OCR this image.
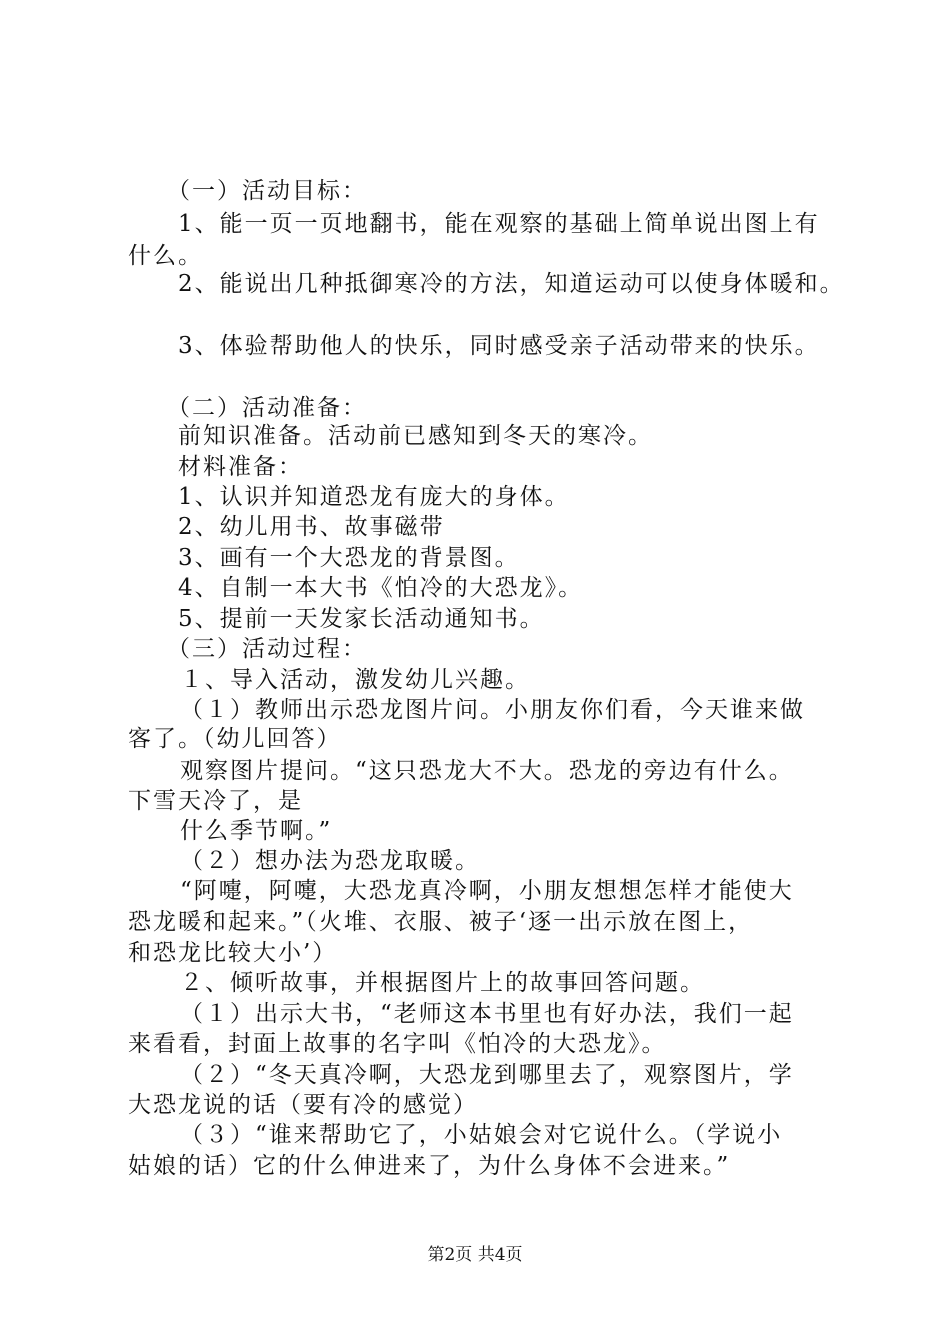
（一）活动目标：
1、能一页一页地翻书，能在观察的基础上简单说出图上有
什么。
2、能说出几种抵御寒冷的方法，知道运动可以使身体暖和。
3、体验帮助他人的快乐，同时感受亲子活动带来的快乐。
（二）活动准备：
前知识准备。活动前已感知到冬天的寒冷。
材料准备：
1、认识并知道恐龙有庞大的身体。
2、幼儿用书、故事磁带
3、画有一个大恐龙的背景图。
4、自制一本大书《怕冷的大恐龙》。
5、提前一天发家长活动通知书。
（三）活动过程：
１、导入活动，激发幼儿兴趣。
（１）教师出示恐龙图片问。小朋友你们看，今天谁来做
客了。（幼儿回答）
观察图片提问。“这只恐龙大不大。恐龙的旁边有什么。
下雪天冷了，是
什么季节啊。”
（２）想办法为恐龙取暖。
“阿嚏，阿嚏，大恐龙真冷啊，小朋友想想怎样才能使大
恐龙暖和起来。”（火堆、衣服、被子‘逐一出示放在图上，
和恐龙比较大小’）
２、倾听故事，并根据图片上的故事回答问题。
（１）出示大书，“老师这本书里也有好办法，我们一起
来看看，封面上故事的名字叫《怕冷的大恐龙》。
（２）“冬天真冷啊，大恐龙到哪里去了，观察图片，学
大恐龙说的话（要有冷的感觉）
（３）“谁来帮助它了，小姑娘会对它说什么。（学说小
姑娘的话）它的什么伸进来了，为什么身体不会进来。”
第2页 共4页
